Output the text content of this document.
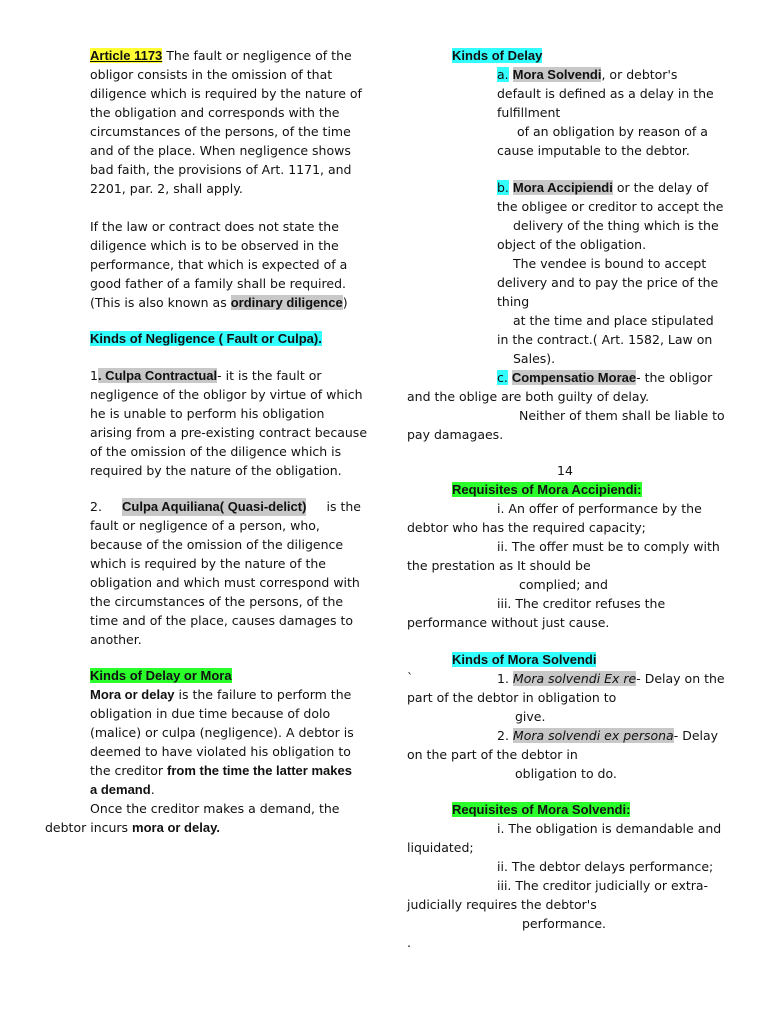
Article 1173 The fault or negligence of the
obligor consists in the omission of that
diligence which is required by the nature of
the obligation and corresponds with the
circumstances of the persons, of the time
and of the place. When negligence shows
bad faith, the provisions of Art. 1171, and
2201, par. 2, shall apply.
If the law or contract does not state the
diligence which is to be observed in the
performance, that which is expected of a
good father of a family shall be required.
(This is also known as ordinary diligence)
Kinds of Negligence ( Fault or Culpa).
1. Culpa Contractual- it is the fault or
negligence of the obligor by virtue of which
he is unable to perform his obligation
arising from a pre-existing contract because
of the omission of the diligence which is
required by the nature of the obligation.
2. Culpa Aquiliana( Quasi-delict) is the
fault or negligence of a person, who,
because of the omission of the diligence
which is required by the nature of the
obligation and which must correspond with
the circumstances of the persons, of the
time and of the place, causes damages to
another.
Kinds of Delay or Mora
Mora or delay is the failure to perform the
obligation in due time because of dolo
(malice) or culpa (negligence). A debtor is
deemed to have violated his obligation to
the creditor from the time the latter makes
a demand.
Once the creditor makes a demand, the
debtor incurs mora or delay.
Kinds of Delay
a. Mora Solvendi, or debtor's
default is defined as a delay in the
fulfillment
of an obligation by reason of a
cause imputable to the debtor.
b. Mora Accipiendi or the delay of
the obligee or creditor to accept the
delivery of the thing which is the
object of the obligation.
The vendee is bound to accept
delivery and to pay the price of the
thing
at the time and place stipulated
in the contract.( Art. 1582, Law on
Sales).
c. Compensatio Morae- the obligor
and the oblige are both guilty of delay.
Neither of them shall be liable to
pay damagaes.
14
Requisites of Mora Accipiendi:
i. An offer of performance by the
debtor who has the required capacity;
ii. The offer must be to comply with
the prestation as It should be
complied; and
iii. The creditor refuses the
performance without just cause.
Kinds of Mora Solvendi
`	1. Mora solvendi Ex re- Delay on the
part of the debtor in obligation to
give.
2. Mora solvendi ex persona- Delay
on the part of the debtor in
obligation to do.
Requisites of Mora Solvendi:
i. The obligation is demandable and
liquidated;
ii. The debtor delays performance;
iii. The creditor judicially or extra-
judicially requires the debtor's
performance.
.
